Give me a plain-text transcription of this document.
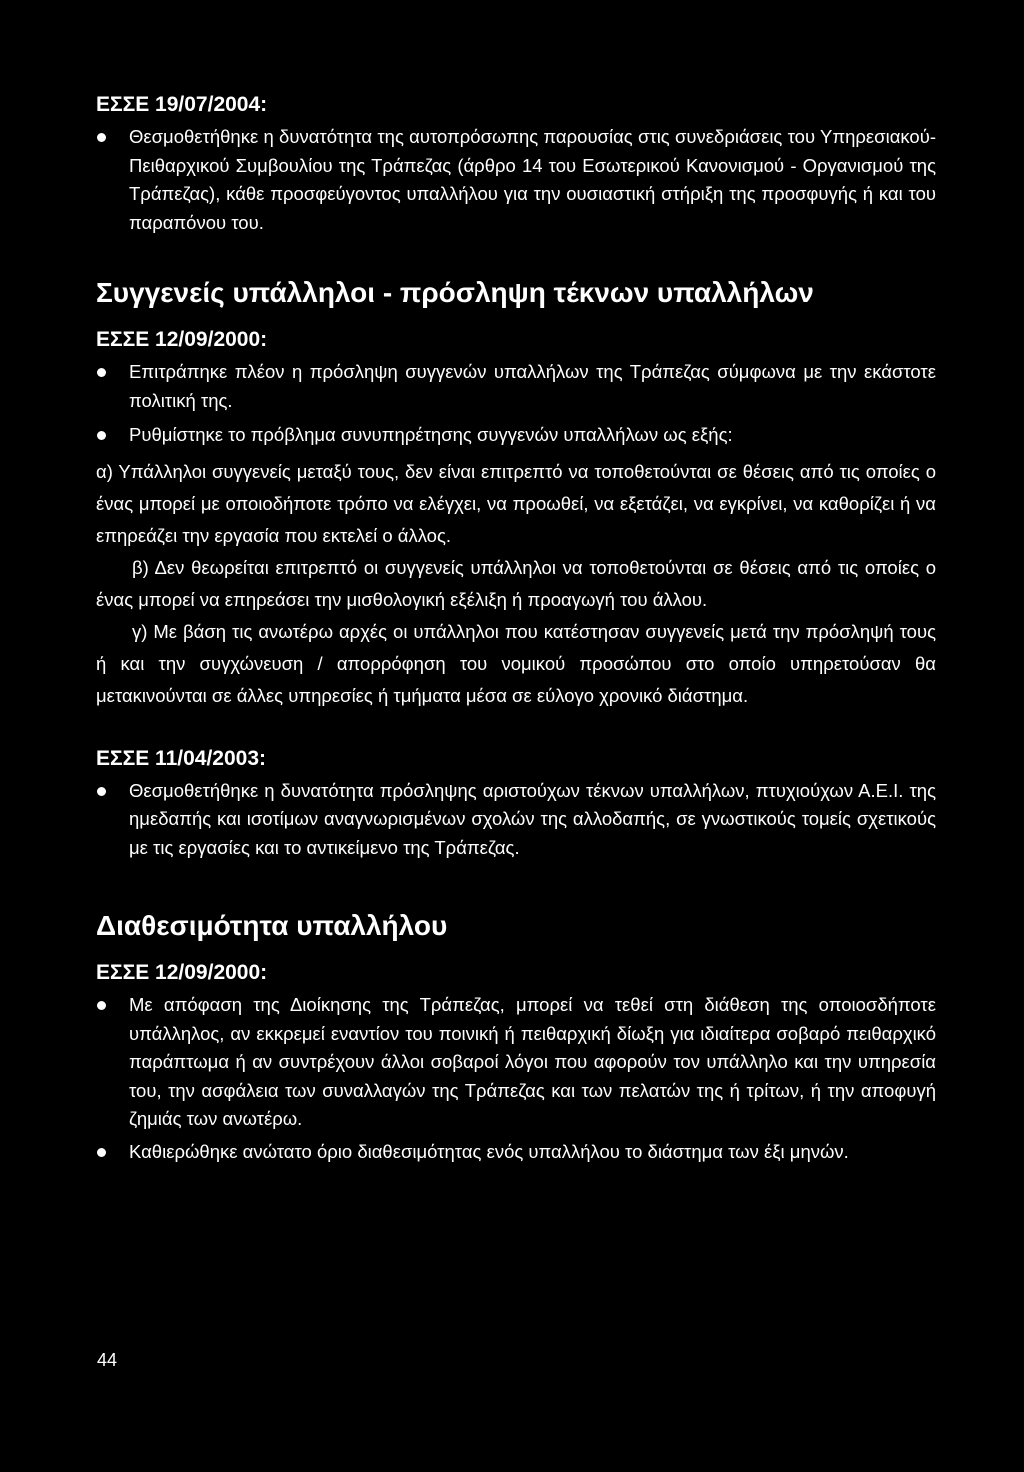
ΕΣΣΕ 19/07/2004:

Θεσμοθετήθηκε η δυνατότητα της αυτοπρόσωπης παρουσίας στις συνεδριάσεις του Υπηρεσιακού-Πειθαρχικού Συμβουλίου της Τράπεζας (άρθρο 14 του Εσωτερικού Κανονισμού - Οργανισμού της Τράπεζας), κάθε προσφεύγοντος υπαλλήλου για την ουσιαστική στήριξη της προσφυγής ή και του παραπόνου του.
Συγγενείς υπάλληλοι - πρόσληψη τέκνων υπαλλήλων

ΕΣΣΕ 12/09/2000:

Επιτράπηκε πλέον η πρόσληψη συγγενών υπαλλήλων της Τράπεζας σύμφωνα με την εκάστοτε πολιτική της.
Ρυθμίστηκε το πρόβλημα συνυπηρέτησης συγγενών υπαλλήλων ως εξής:

α) Υπάλληλοι συγγενείς μεταξύ τους, δεν είναι επιτρεπτό να τοποθετούνται σε θέσεις από τις οποίες ο ένας μπορεί με οποιοδήποτε τρόπο να ελέγχει, να προωθεί, να εξετάζει, να εγκρίνει, να καθορίζει ή να επηρεάζει την εργασία που εκτελεί ο άλλος.

β) Δεν θεωρείται επιτρεπτό οι συγγενείς υπάλληλοι να τοποθετούνται σε θέσεις από τις οποίες ο ένας μπορεί να επηρεάσει την μισθολογική εξέλιξη ή προαγωγή του άλλου.

γ) Με βάση τις ανωτέρω αρχές οι υπάλληλοι που κατέστησαν συγγενείς μετά την πρόσληψή τους ή και την συγχώνευση / απορρόφηση του νομικού προσώπου στο οποίο υπηρετούσαν θα μετακινούνται σε άλλες υπηρεσίες ή τμήματα μέσα σε εύλογο χρονικό διάστημα.

ΕΣΣΕ 11/04/2003:

Θεσμοθετήθηκε η δυνατότητα πρόσληψης αριστούχων τέκνων υπαλλήλων, πτυχιούχων Α.Ε.Ι. της ημεδαπής και ισοτίμων αναγνωρισμένων σχολών της αλλοδαπής, σε γνωστικούς τομείς σχετικούς με τις εργασίες και το αντικείμενο της Τράπεζας.
Διαθεσιμότητα υπαλλήλου

ΕΣΣΕ 12/09/2000:

Με απόφαση της Διοίκησης της Τράπεζας, μπορεί να τεθεί στη διάθεση της οποιοσδήποτε υπάλληλος, αν εκκρεμεί εναντίον του ποινική ή πειθαρχική δίωξη για ιδιαίτερα σοβαρό πειθαρχικό παράπτωμα ή αν συντρέχουν άλλοι σοβαροί λόγοι που αφορούν τον υπάλληλο και την υπηρεσία του, την ασφάλεια των συναλλαγών της Τράπεζας και των πελατών της ή τρίτων, ή την αποφυγή ζημιάς των ανωτέρω.
Καθιερώθηκε ανώτατο όριο διαθεσιμότητας ενός υπαλλήλου το διάστημα των έξι μηνών.
44
